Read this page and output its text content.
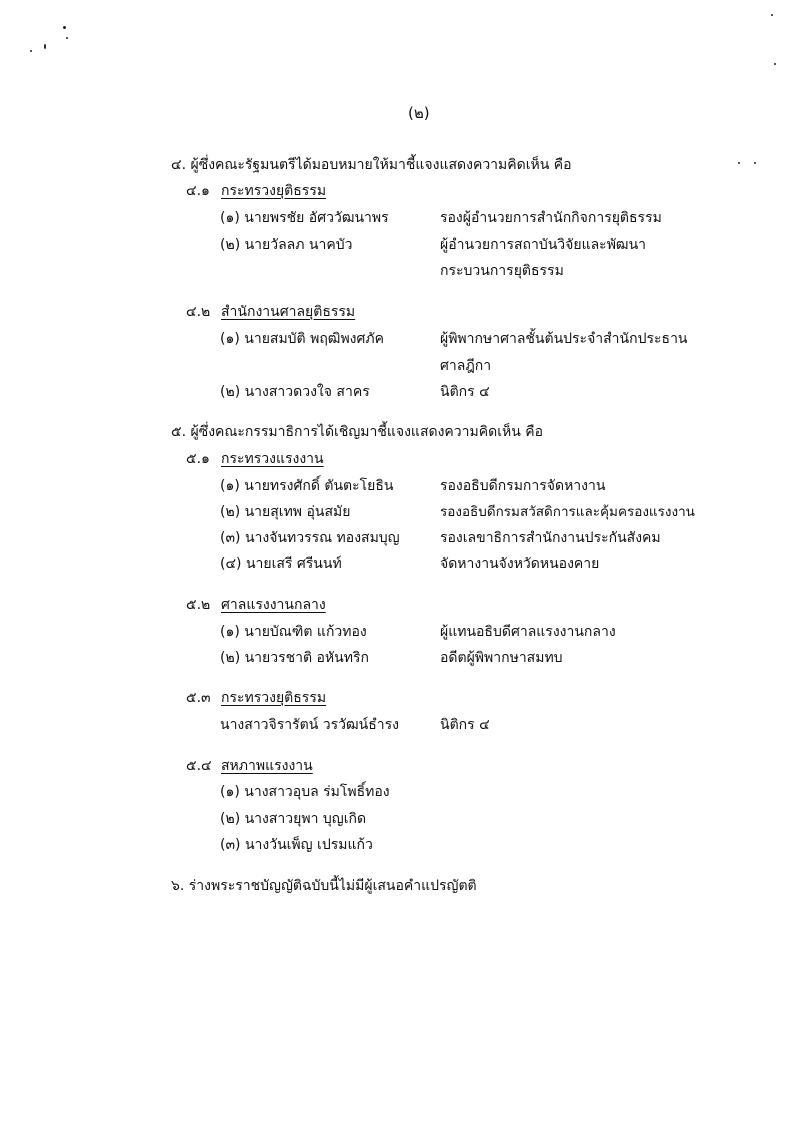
(๒)
๔. ผู้ซึ่งคณะรัฐมนตรีได้มอบหมายให้มาชี้แจงแสดงความคิดเห็น คือ
๔.๑ กระทรวงยุติธรรม
(๑) นายพรชัย อัศววัฒนาพร	รองผู้อำนวยการสำนักกิจการยุติธรรม
(๒) นายวัลลภ นาคบัว	ผู้อำนวยการสถาบันวิจัยและพัฒนา
กระบวนการยุติธรรม
๔.๒ สำนักงานศาลยุติธรรม
(๑) นายสมบัติ พฤฒิพงศภัค	ผู้พิพากษาศาลชั้นต้นประจำสำนักประธาน
ศาลฎีกา
(๒) นางสาวดวงใจ สาคร	นิติกร ๔
๕. ผู้ซึ่งคณะกรรมาธิการได้เชิญมาชี้แจงแสดงความคิดเห็น คือ
๕.๑ กระทรวงแรงงาน
(๑) นายทรงศักดิ์ ตันตะโยธิน	รองอธิบดีกรมการจัดหางาน
(๒) นายสุเทพ อุ่นสมัย	รองอธิบดีกรมสวัสดิการและคุ้มครองแรงงาน
(๓) นางจันทวรรณ ทองสมบุญ	รองเลขาธิการสำนักงานประกันสังคม
(๔) นายเสรี ศรีนนท์	จัดหางานจังหวัดหนองคาย
๕.๒ ศาลแรงงานกลาง
(๑) นายบัณฑิต แก้วทอง	ผู้แทนอธิบดีศาลแรงงานกลาง
(๒) นายวรชาติ อหันทริก	อดีตผู้พิพากษาสมทบ
๕.๓ กระทรวงยุติธรรม
นางสาวจิรารัตน์ วรวัฒน์ธำรง	นิติกร ๔
๕.๔ สหภาพแรงงาน
(๑) นางสาวอุบล ร่มโพธิ์ทอง
(๒) นางสาวยุพา บุญเกิด
(๓) นางวันเพ็ญ เปรมแก้ว
๖. ร่างพระราชบัญญัติฉบับนี้ไม่มีผู้เสนอคำแปรญัตติ
